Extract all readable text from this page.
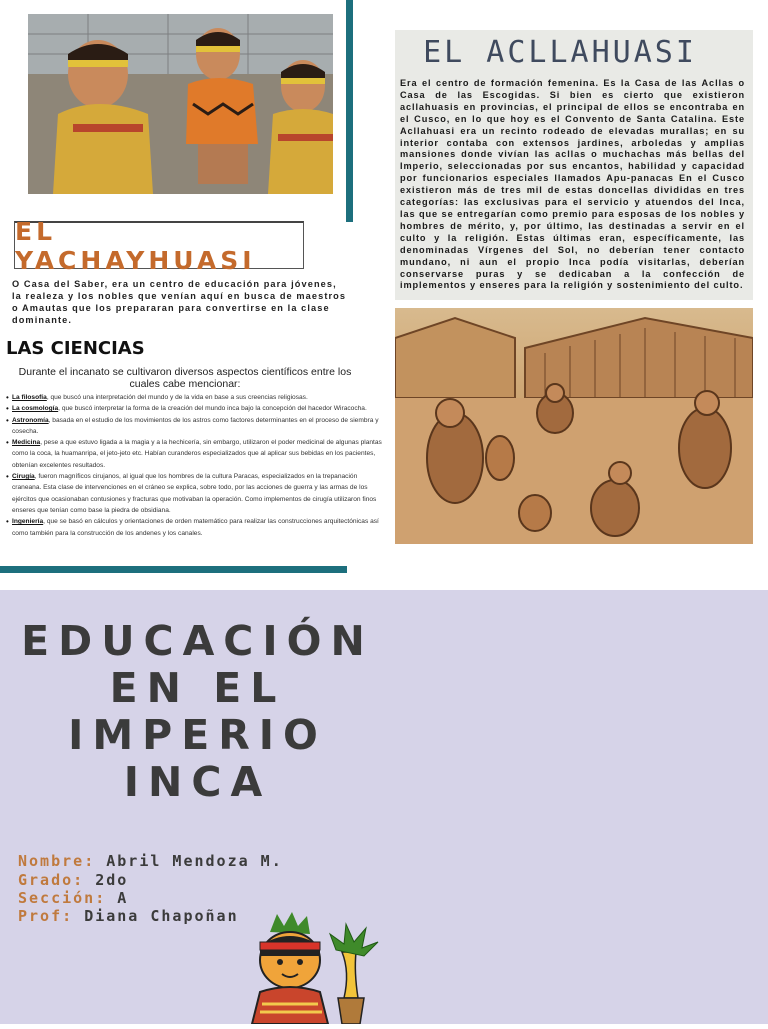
EL YACHAYHUASI
O Casa del Saber, era un centro de educación para jóvenes, la realeza y los nobles que venían aquí en busca de maestros o Amautas que los prepararan para convertirse en la clase dominante.
LAS CIENCIAS
Durante el incanato se cultivaron diversos aspectos científicos entre los cuales cabe mencionar:
• La filosofía, que buscó una interpretación del mundo y de la vida en base a sus creencias religiosas.
• La cosmología, que buscó interpretar la forma de la creación del mundo inca bajo la concepción del hacedor Wiracocha.
• Astronomía, basada en el estudio de los movimientos de los astros como factores determinantes en el proceso de siembra y cosecha.
• Medicina, pese a que estuvo ligada a la magia y a la hechicería, sin embargo, utilizaron el poder medicinal de algunas plantas como la coca, la huamanripa, el jeto-jeto etc. Habían curanderos especializados que al aplicar sus bebidas en los pacientes, obtenían excelentes resultados.
• Cirugía, fueron magníficos cirujanos, al igual que los hombres de la cultura Paracas, especializados en la trepanación craneana. Esta clase de intervenciones en el cráneo se explica, sobre todo, por las acciones de guerra y las armas de los ejércitos que ocasionaban contusiones y fracturas que motivaban la operación. Como implementos de cirugía utilizaron finos enseres que tenían como base la piedra de obsidiana.
• Ingeniería, que se basó en cálculos y orientaciones de orden matemático para realizar las construcciones arquitectónicas así como también para la construcción de los andenes y los canales.
EL ACLLAHUASI
Era el centro de formación femenina. Es la Casa de las Acllas o Casa de las Escogidas. Si bien es cierto que existieron acllahuasis en provincias, el principal de ellos se encontraba en el Cusco, en lo que hoy es el Convento de Santa Catalina. Este Acllahuasi era un recinto rodeado de elevadas murallas; en su interior contaba con extensos jardines, arboledas y amplias mansiones donde vivían las acllas o muchachas más bellas del Imperio, seleccionadas por sus encantos, habilidad y capacidad por funcionarios especiales llamados Apu-panacas En el Cusco existieron más de tres mil de estas doncellas divididas en tres categorías: las exclusivas para el servicio y atuendos del Inca, las que se entregarían como premio para esposas de los nobles y hombres de mérito, y, por último, las destinadas a servir en el culto y la religión. Estas últimas eran, específicamente, las denominadas Vírgenes del Sol, no deberían tener contacto mundano, ni aun el propio Inca podía visitarlas, deberían conservarse puras y se dedicaban a la confección de implementos y enseres para la religión y sostenimiento del culto.
EDUCACIÓN
EN EL
IMPERIO
INCA
Nombre: Abril Mendoza M.
Grado: 2do
Sección: A
Prof: Diana Chapoñan
